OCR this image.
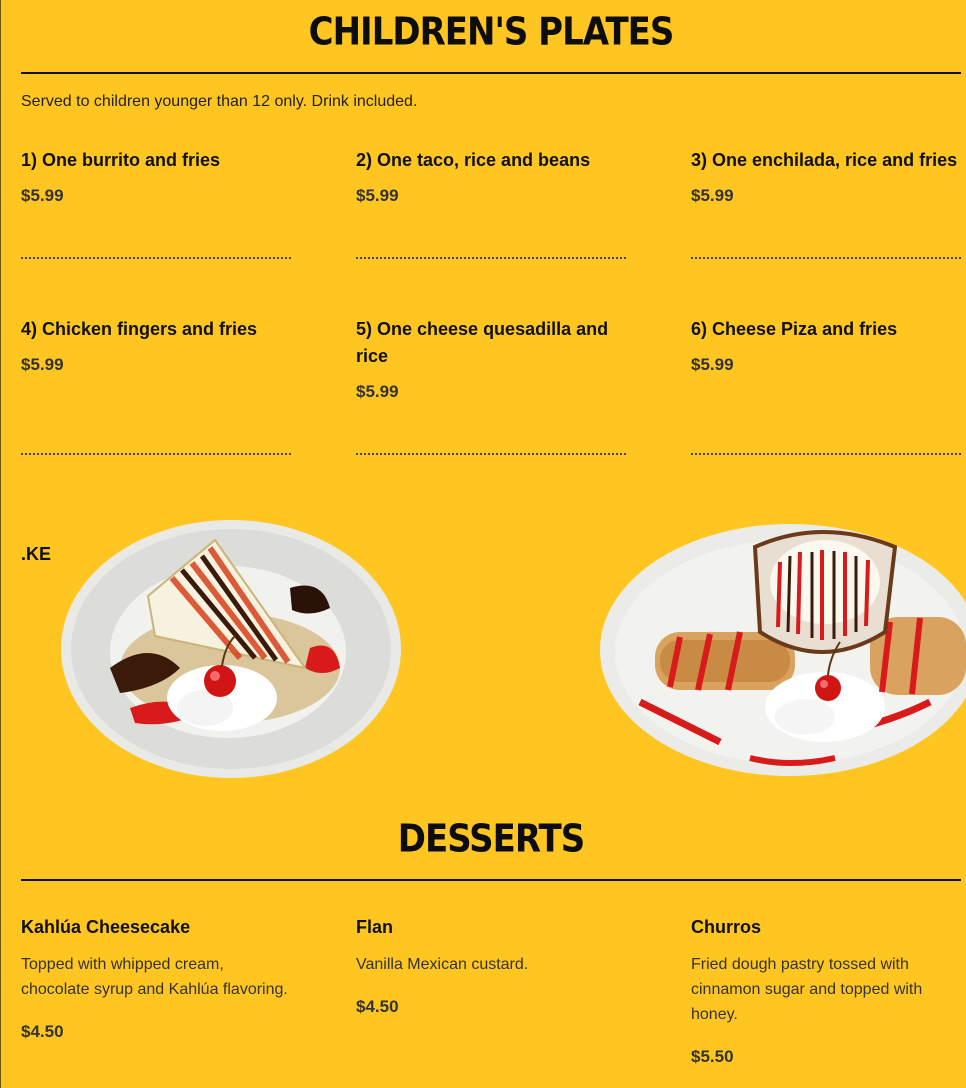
CHILDREN'S PLATES
Served to children younger than 12 only. Drink included.
1) One burrito and fries
$5.99
2) One taco, rice and beans
$5.99
3) One enchilada, rice and fries
$5.99
4) Chicken fingers and fries
$5.99
5) One cheese quesadilla and rice
$5.99
6) Cheese Piza and fries
$5.99
.KE
DESSERTS
Kahlúa Cheesecake
Topped with whipped cream, chocolate syrup and Kahlúa flavoring.
$4.50
Flan
Vanilla Mexican custard.
$4.50
Churros
Fried dough pastry tossed with cinnamon sugar and topped with honey.
$5.50
